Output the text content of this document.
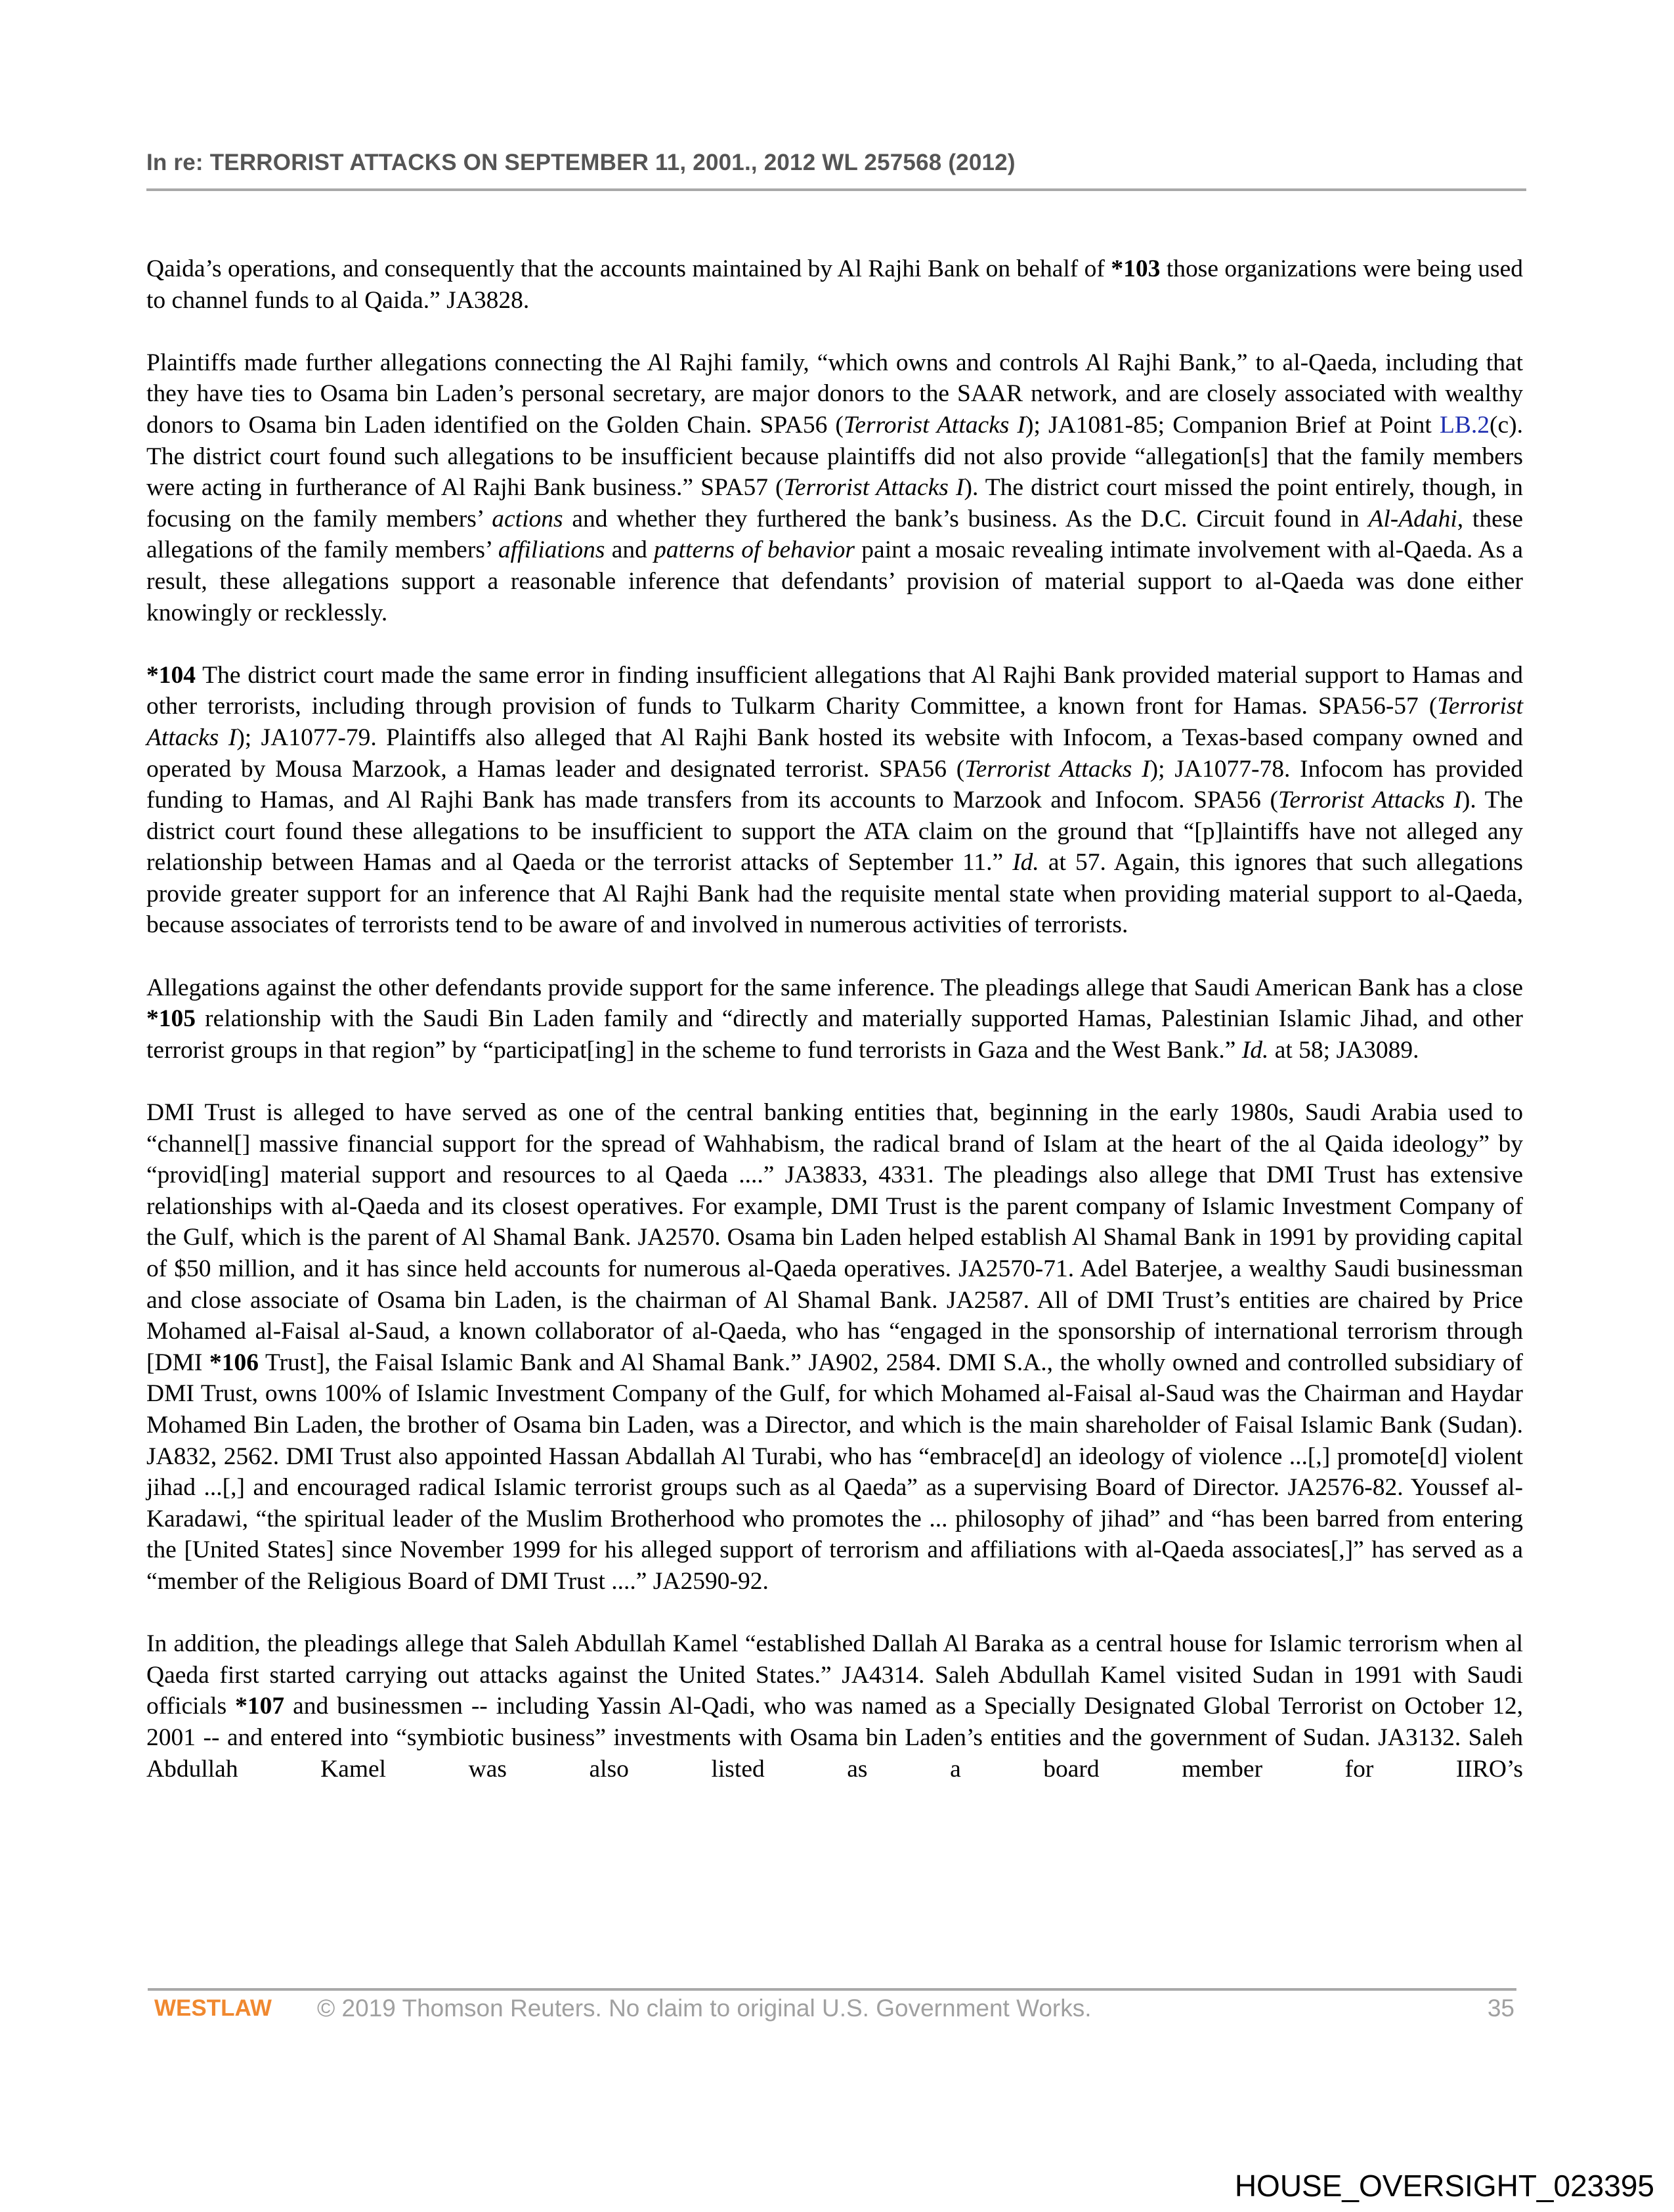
In re: TERRORIST ATTACKS ON SEPTEMBER 11, 2001., 2012 WL 257568 (2012)

Qaida’s operations, and consequently that the accounts maintained by Al Rajhi Bank on behalf of *103 those organizations were being used to channel funds to al Qaida.” JA3828.

Plaintiffs made further allegations connecting the Al Rajhi family, “which owns and controls Al Rajhi Bank,” to al-Qaeda, including that they have ties to Osama bin Laden’s personal secretary, are major donors to the SAAR network, and are closely associated with wealthy donors to Osama bin Laden identified on the Golden Chain. SPA56 (Terrorist Attacks I); JA1081-85; Companion Brief at Point LB.2(c). The district court found such allegations to be insufficient because plaintiffs did not also provide “allegation[s] that the family members were acting in furtherance of Al Rajhi Bank business.” SPA57 (Terrorist Attacks I). The district court missed the point entirely, though, in focusing on the family members’ actions and whether they furthered the bank’s business. As the D.C. Circuit found in Al-Adahi, these allegations of the family members’ affiliations and patterns of behavior paint a mosaic revealing intimate involvement with al-Qaeda. As a result, these allegations support a reasonable inference that defendants’ provision of material support to al-Qaeda was done either knowingly or recklessly.

*104 The district court made the same error in finding insufficient allegations that Al Rajhi Bank provided material support to Hamas and other terrorists, including through provision of funds to Tulkarm Charity Committee, a known front for Hamas. SPA56-57 (Terrorist Attacks I); JA1077-79. Plaintiffs also alleged that Al Rajhi Bank hosted its website with Infocom, a Texas-based company owned and operated by Mousa Marzook, a Hamas leader and designated terrorist. SPA56 (Terrorist Attacks I); JA1077-78. Infocom has provided funding to Hamas, and Al Rajhi Bank has made transfers from its accounts to Marzook and Infocom. SPA56 (Terrorist Attacks I). The district court found these allegations to be insufficient to support the ATA claim on the ground that “[p]laintiffs have not alleged any relationship between Hamas and al Qaeda or the terrorist attacks of September 11.” Id. at 57. Again, this ignores that such allegations provide greater support for an inference that Al Rajhi Bank had the requisite mental state when providing material support to al-Qaeda, because associates of terrorists tend to be aware of and involved in numerous activities of terrorists.

Allegations against the other defendants provide support for the same inference. The pleadings allege that Saudi American Bank has a close *105 relationship with the Saudi Bin Laden family and “directly and materially supported Hamas, Palestinian Islamic Jihad, and other terrorist groups in that region” by “participat[ing] in the scheme to fund terrorists in Gaza and the West Bank.” Id. at 58; JA3089.

DMI Trust is alleged to have served as one of the central banking entities that, beginning in the early 1980s, Saudi Arabia used to “channel[] massive financial support for the spread of Wahhabism, the radical brand of Islam at the heart of the al Qaida ideology” by “provid[ing] material support and resources to al Qaeda ....” JA3833, 4331. The pleadings also allege that DMI Trust has extensive relationships with al-Qaeda and its closest operatives. For example, DMI Trust is the parent company of Islamic Investment Company of the Gulf, which is the parent of Al Shamal Bank. JA2570. Osama bin Laden helped establish Al Shamal Bank in 1991 by providing capital of $50 million, and it has since held accounts for numerous al-Qaeda operatives. JA2570-71. Adel Baterjee, a wealthy Saudi businessman and close associate of Osama bin Laden, is the chairman of Al Shamal Bank. JA2587. All of DMI Trust’s entities are chaired by Price Mohamed al-Faisal al-Saud, a known collaborator of al-Qaeda, who has “engaged in the sponsorship of international terrorism through [DMI *106 Trust], the Faisal Islamic Bank and Al Shamal Bank.” JA902, 2584. DMI S.A., the wholly owned and controlled subsidiary of DMI Trust, owns 100% of Islamic Investment Company of the Gulf, for which Mohamed al-Faisal al-Saud was the Chairman and Haydar Mohamed Bin Laden, the brother of Osama bin Laden, was a Director, and which is the main shareholder of Faisal Islamic Bank (Sudan). JA832, 2562. DMI Trust also appointed Hassan Abdallah Al Turabi, who has “embrace[d] an ideology of violence ...[,] promote[d] violent jihad ...[,] and encouraged radical Islamic terrorist groups such as al Qaeda” as a supervising Board of Director. JA2576-82. Youssef al-Karadawi, “the spiritual leader of the Muslim Brotherhood who promotes the ... philosophy of jihad” and “has been barred from entering the [United States] since November 1999 for his alleged support of terrorism and affiliations with al-Qaeda associates[,]” has served as a “member of the Religious Board of DMI Trust ....” JA2590-92.

In addition, the pleadings allege that Saleh Abdullah Kamel “established Dallah Al Baraka as a central house for Islamic terrorism when al Qaeda first started carrying out attacks against the United States.” JA4314. Saleh Abdullah Kamel visited Sudan in 1991 with Saudi officials *107 and businessmen -- including Yassin Al-Qadi, who was named as a Specially Designated Global Terrorist on October 12, 2001 -- and entered into “symbiotic business” investments with Osama bin Laden’s entities and the government of Sudan. JA3132. Saleh Abdullah Kamel was also listed as a board member for IIRO’s

WESTLAW © 2019 Thomson Reuters. No claim to original U.S. Government Works.	35
HOUSE_OVERSIGHT_023395
